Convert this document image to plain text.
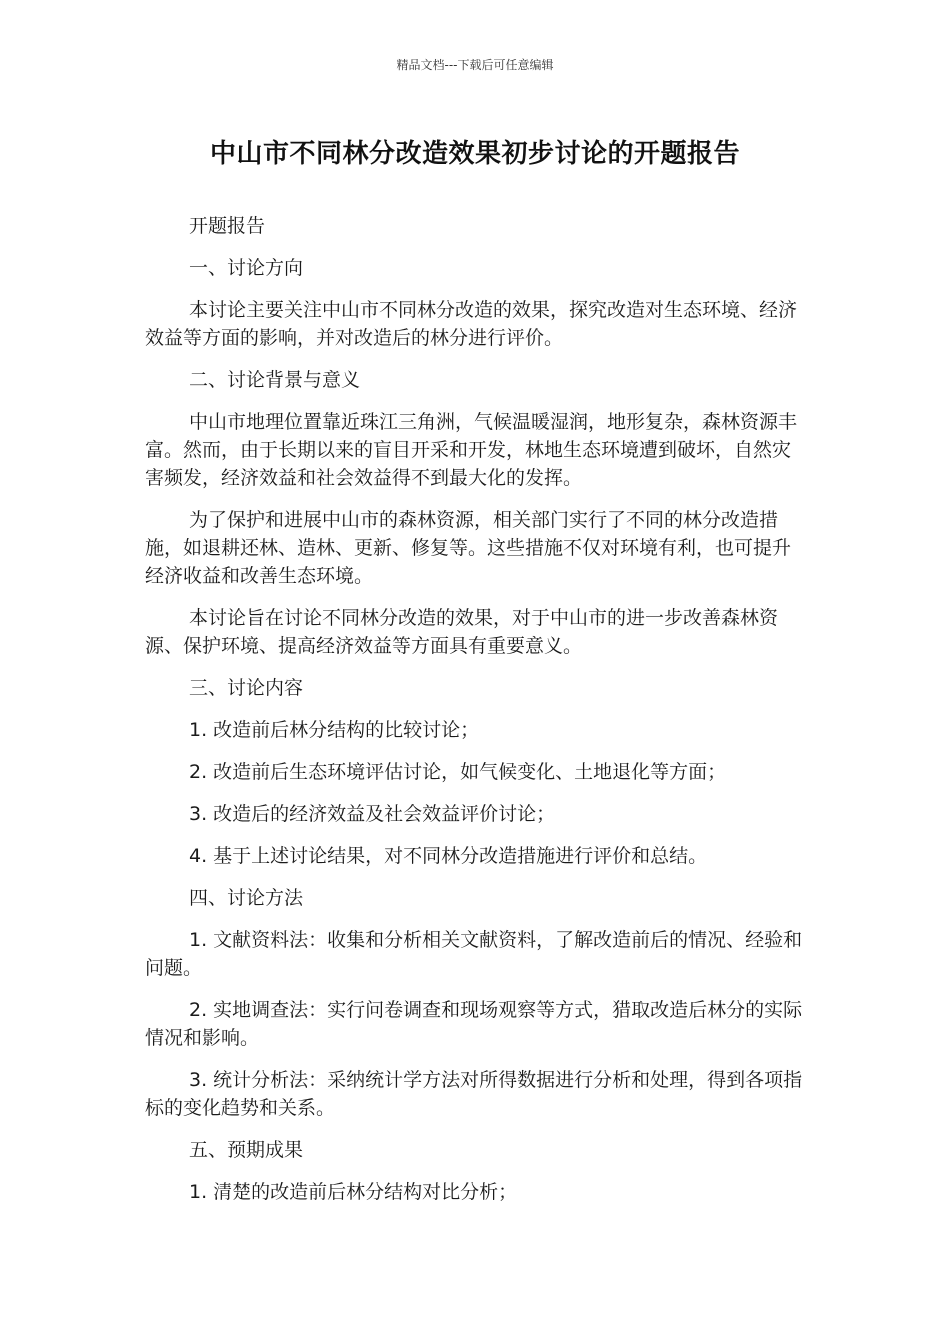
精品文档---下载后可任意编辑
中山市不同林分改造效果初步讨论的开题报告

开题报告

一、讨论方向

本讨论主要关注中山市不同林分改造的效果，探究改造对生态环境、经济效益等方面的影响，并对改造后的林分进行评价。

二、讨论背景与意义

中山市地理位置靠近珠江三角洲，气候温暖湿润，地形复杂，森林资源丰富。然而，由于长期以来的盲目开采和开发，林地生态环境遭到破坏，自然灾害频发，经济效益和社会效益得不到最大化的发挥。

为了保护和进展中山市的森林资源，相关部门实行了不同的林分改造措施，如退耕还林、造林、更新、修复等。这些措施不仅对环境有利，也可提升经济收益和改善生态环境。

本讨论旨在讨论不同林分改造的效果，对于中山市的进一步改善森林资源、保护环境、提高经济效益等方面具有重要意义。

三、讨论内容

1. 改造前后林分结构的比较讨论；

2. 改造前后生态环境评估讨论，如气候变化、土地退化等方面；

3. 改造后的经济效益及社会效益评价讨论；

4. 基于上述讨论结果，对不同林分改造措施进行评价和总结。

四、讨论方法

1. 文献资料法：收集和分析相关文献资料，了解改造前后的情况、经验和问题。

2. 实地调查法：实行问卷调查和现场观察等方式，猎取改造后林分的实际情况和影响。

3. 统计分析法：采纳统计学方法对所得数据进行分析和处理，得到各项指标的变化趋势和关系。

五、预期成果

1. 清楚的改造前后林分结构对比分析；
